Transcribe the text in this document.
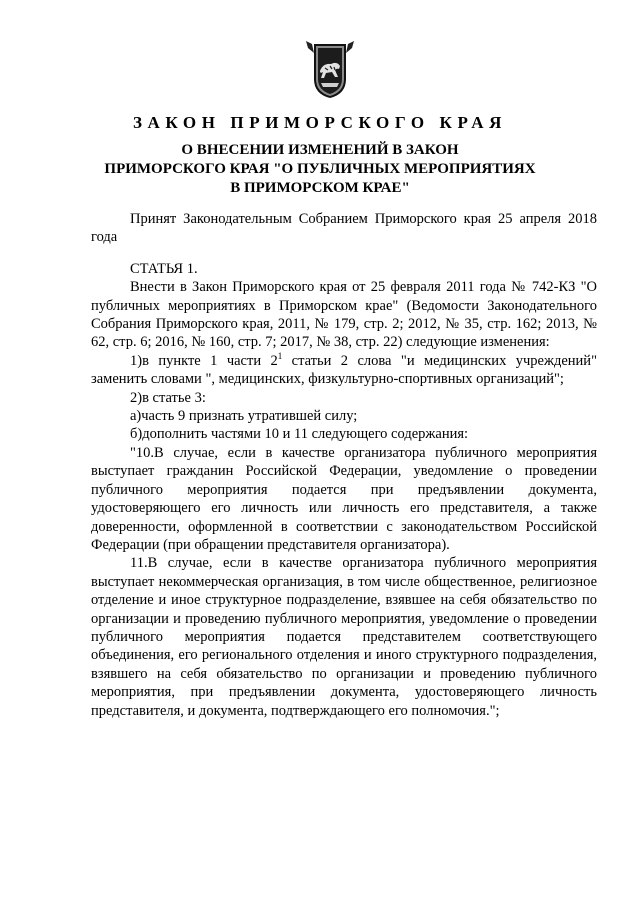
ЗАКОН ПРИМОРСКОГО КРАЯ
О ВНЕСЕНИИ ИЗМЕНЕНИЙ В ЗАКОН
ПРИМОРСКОГО КРАЯ "О ПУБЛИЧНЫХ МЕРОПРИЯТИЯХ
В ПРИМОРСКОМ КРАЕ"

Принят Законодательным Собранием Приморского края 25 апреля 2018 года

СТАТЬЯ 1.

Внести в Закон Приморского края от 25 февраля 2011 года № 742-КЗ "О публичных мероприятиях в Приморском крае" (Ведомости Законодательного Собрания Приморского края, 2011, № 179, стр. 2; 2012, № 35, стр. 162; 2013, № 62, стр. 6; 2016, № 160, стр. 7; 2017, № 38, стр. 22) следующие изменения:

1)в пункте 1 части $2^1$ статьи 2 слова "и медицинских учреждений" заменить словами ", медицинских, физкультурно-спортивных организаций";

2)в статье 3:

а)часть 9 признать утратившей силу;

б)дополнить частями 10 и 11 следующего содержания:

"10.В случае, если в качестве организатора публичного мероприятия выступает гражданин Российской Федерации, уведомление о проведении публичного мероприятия подается при предъявлении документа, удостоверяющего его личность или личность его представителя, а также доверенности, оформленной в соответствии с законодательством Российской Федерации (при обращении представителя организатора).

11.В случае, если в качестве организатора публичного мероприятия выступает некоммерческая организация, в том числе общественное, религиозное отделение и иное структурное подразделение, взявшее на себя обязательство по организации и проведению публичного мероприятия, уведомление о проведении публичного мероприятия подается представителем соответствующего объединения, его регионального отделения и иного структурного подразделения, взявшего на себя обязательство по организации и проведению публичного мероприятия, при предъявлении документа, удостоверяющего личность представителя, и документа, подтверждающего его полномочия.";
